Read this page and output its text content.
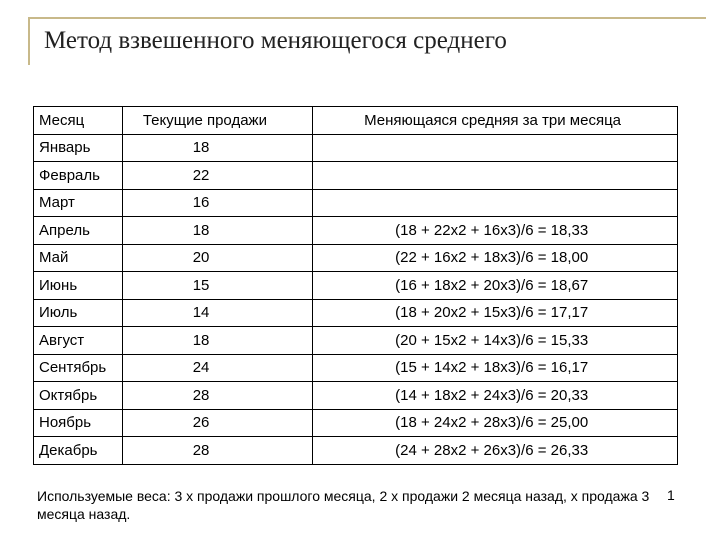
Метод взвешенного меняющегося среднего
Месяц	Текущие продажи	Меняющаяся средняя за три месяца
Январь	18	
Февраль	22	
Март	16	
Апрель	18	(18 + 22х2 + 16х3)/6 = 18,33
Май	20	(22 + 16х2 + 18х3)/6 = 18,00
Июнь	15	(16 + 18х2 + 20х3)/6 = 18,67
Июль	14	(18 + 20х2 + 15х3)/6 = 17,17
Август	18	(20 + 15х2 + 14х3)/6 = 15,33
Сентябрь	24	(15 + 14х2 + 18х3)/6 = 16,17
Октябрь	28	(14 + 18х2 + 24х3)/6 = 20,33
Ноябрь	26	(18 + 24х2 + 28х3)/6 = 25,00
Декабрь	28	(24 + 28х2 + 26х3)/6 = 26,33
Используемые веса: 3 х продажи прошлого месяца, 2 х продажи 2 месяца назад, х продажа 3 месяца назад.
1
